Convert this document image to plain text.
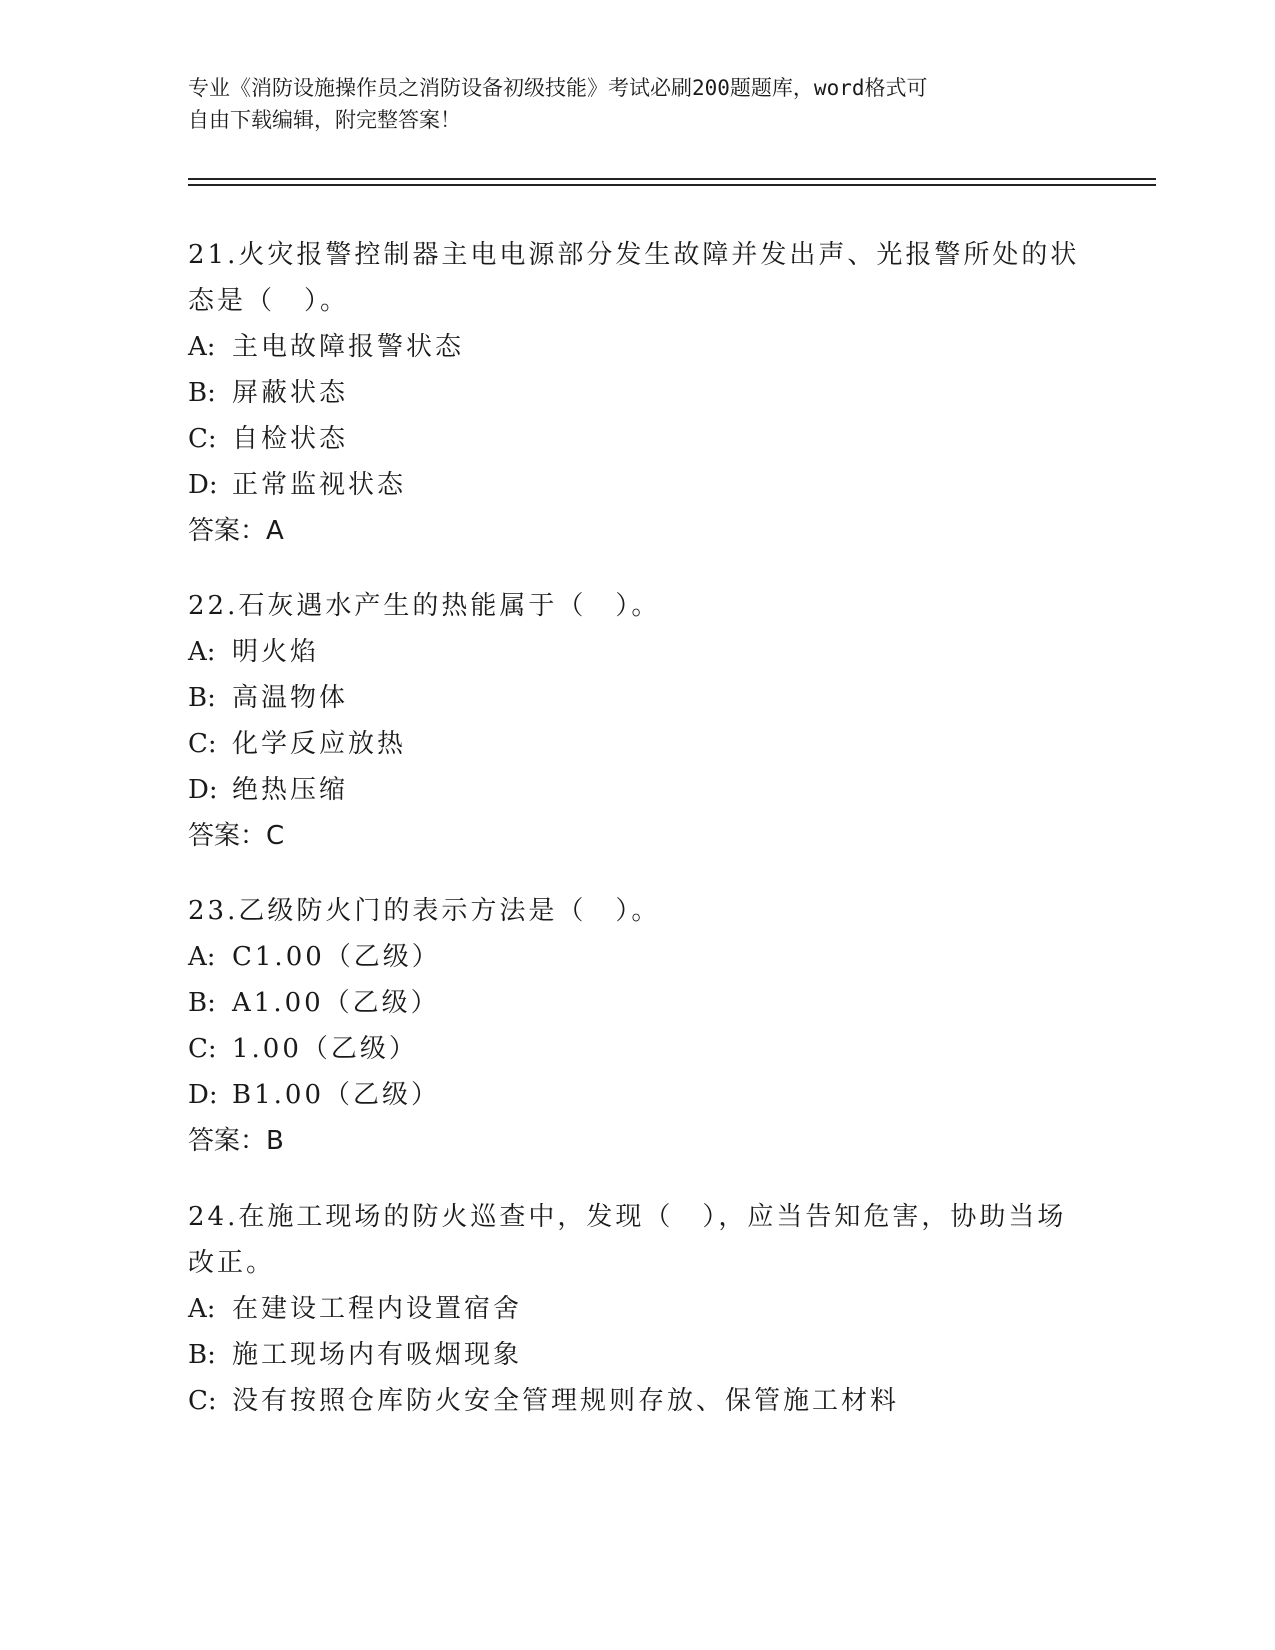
专业《消防设施操作员之消防设备初级技能》考试必刷200题题库，word格式可
自由下载编辑，附完整答案！
21.火灾报警控制器主电电源部分发生故障并发出声、光报警所处的状态是（　）。
A: 主电故障报警状态
B: 屏蔽状态
C: 自检状态
D: 正常监视状态
答案：A
22.石灰遇水产生的热能属于（　）。
A: 明火焰
B: 高温物体
C: 化学反应放热
D: 绝热压缩
答案：C
23.乙级防火门的表示方法是（　）。
A: C1.00（乙级）
B: A1.00（乙级）
C: 1.00（乙级）
D: B1.00（乙级）
答案：B
24.在施工现场的防火巡查中，发现（　），应当告知危害，协助当场改正。
A: 在建设工程内设置宿舍
B: 施工现场内有吸烟现象
C: 没有按照仓库防火安全管理规则存放、保管施工材料
